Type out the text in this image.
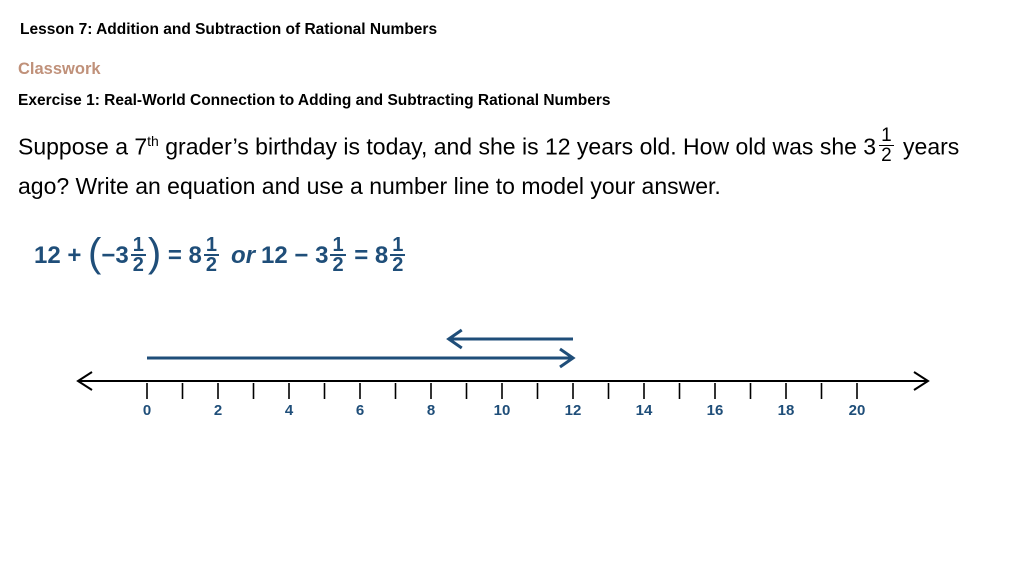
Lesson 7: Addition and Subtraction of Rational Numbers
Classwork
Exercise 1: Real-World Connection to Adding and Subtracting Rational Numbers
Suppose a 7th grader’s birthday is today, and she is 12 years old. How old was she $3 \frac{1}{2}$ years ago? Write an equation and use a number line to model your answer.
$12 + (-3 \frac{1}{2}$ ) = $8 \frac{1}{2}$ or $12 - 3 \frac{1}{2} = 8 \frac{1}{2}$
0	2	4	6	8	10	12	14	16	18	20
